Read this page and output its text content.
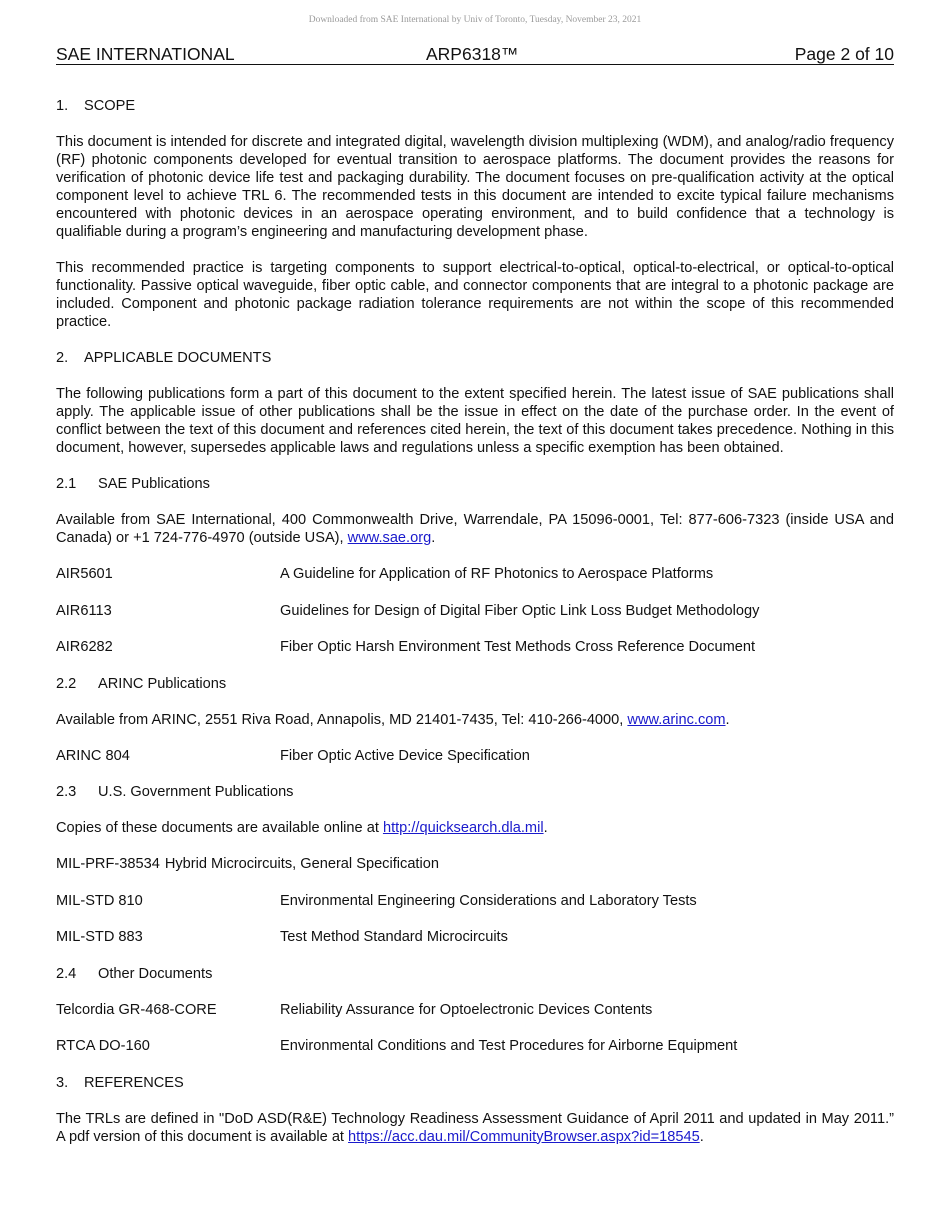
Downloaded from SAE International by Univ of Toronto, Tuesday, November 23, 2021
SAE INTERNATIONAL	ARP6318™	Page 2 of 10
1. SCOPE

This document is intended for discrete and integrated digital, wavelength division multiplexing (WDM), and analog/radio frequency (RF) photonic components developed for eventual transition to aerospace platforms. The document provides the reasons for verification of photonic device life test and packaging durability. The document focuses on pre-qualification activity at the optical component level to achieve TRL 6. The recommended tests in this document are intended to excite typical failure mechanisms encountered with photonic devices in an aerospace operating environment, and to build confidence that a technology is qualifiable during a program’s engineering and manufacturing development phase.

This recommended practice is targeting components to support electrical-to-optical, optical-to-electrical, or optical-to-optical functionality. Passive optical waveguide, fiber optic cable, and connector components that are integral to a photonic package are included. Component and photonic package radiation tolerance requirements are not within the scope of this recommended practice.

2. APPLICABLE DOCUMENTS

The following publications form a part of this document to the extent specified herein. The latest issue of SAE publications shall apply. The applicable issue of other publications shall be the issue in effect on the date of the purchase order. In the event of conflict between the text of this document and references cited herein, the text of this document takes precedence. Nothing in this document, however, supersedes applicable laws and regulations unless a specific exemption has been obtained.

2.1 SAE Publications

Available from SAE International, 400 Commonwealth Drive, Warrendale, PA 15096-0001, Tel: 877-606-7323 (inside USA and Canada) or +1 724-776-4970 (outside USA), www.sae.org.

AIR5601	A Guideline for Application of RF Photonics to Aerospace Platforms
AIR6113	Guidelines for Design of Digital Fiber Optic Link Loss Budget Methodology
AIR6282	Fiber Optic Harsh Environment Test Methods Cross Reference Document
2.2 ARINC Publications

Available from ARINC, 2551 Riva Road, Annapolis, MD 21401-7435, Tel: 410-266-4000, www.arinc.com.

ARINC 804	Fiber Optic Active Device Specification
2.3 U.S. Government Publications

Copies of these documents are available online at http://quicksearch.dla.mil.

MIL-PRF-38534 Hybrid Microcircuits, General Specification
MIL-STD 810	Environmental Engineering Considerations and Laboratory Tests
MIL-STD 883	Test Method Standard Microcircuits
2.4 Other Documents
Telcordia GR-468-CORE	Reliability Assurance for Optoelectronic Devices Contents
RTCA DO-160	Environmental Conditions and Test Procedures for Airborne Equipment
3. REFERENCES

The TRLs are defined in "DoD ASD(R&E) Technology Readiness Assessment Guidance of April 2011 and updated in May 2011.” A pdf version of this document is available at https://acc.dau.mil/CommunityBrowser.aspx?id=18545.
